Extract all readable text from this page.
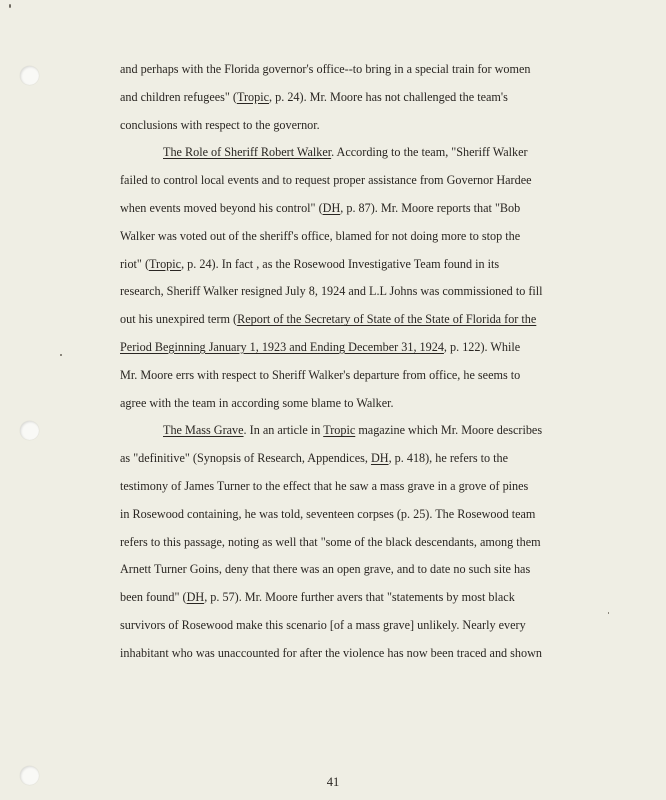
and perhaps with the Florida governor's office--to bring in a special train for women
and children refugees" (Tropic, p. 24). Mr. Moore has not challenged the team's
conclusions with respect to the governor.
The Role of Sheriff Robert Walker. According to the team, "Sheriff Walker
failed to control local events and to request proper assistance from Governor Hardee
when events moved beyond his control" (DH, p. 87). Mr. Moore reports that "Bob
Walker was voted out of the sheriff's office, blamed for not doing more to stop the
riot" (Tropic, p. 24). In fact , as the Rosewood Investigative Team found in its
research, Sheriff Walker resigned July 8, 1924 and L.L Johns was commissioned to fill
out his unexpired term (Report of the Secretary of State of the State of Florida for the
Period Beginning January 1, 1923 and Ending December 31, 1924, p. 122). While
Mr. Moore errs with respect to Sheriff Walker's departure from office, he seems to
agree with the team in according some blame to Walker.
The Mass Grave. In an article in Tropic magazine which Mr. Moore describes
as "definitive" (Synopsis of Research, Appendices, DH, p. 418), he refers to the
testimony of James Turner to the effect that he saw a mass grave in a grove of pines
in Rosewood containing, he was told, seventeen corpses (p. 25). The Rosewood team
refers to this passage, noting as well that "some of the black descendants, among them
Arnett Turner Goins, deny that there was an open grave, and to date no such site has
been found" (DH, p. 57). Mr. Moore further avers that "statements by most black
survivors of Rosewood make this scenario [of a mass grave] unlikely. Nearly every
inhabitant who was unaccounted for after the violence has now been traced and shown
41
